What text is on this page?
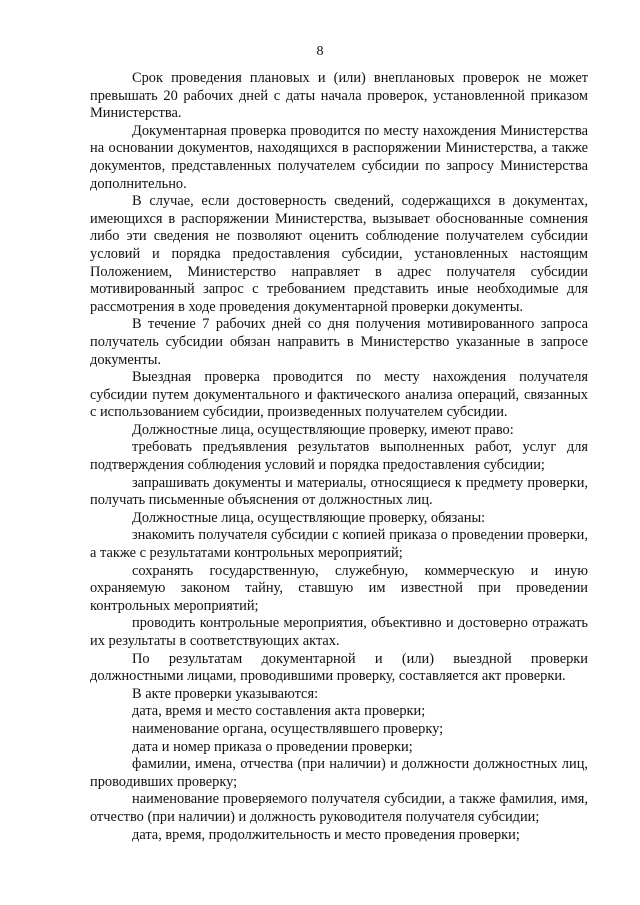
8

Срок проведения плановых и (или) внеплановых проверок не может превышать 20 рабочих дней с даты начала проверок, установленной приказом Министерства.

Документарная проверка проводится по месту нахождения Министерства на основании документов, находящихся в распоряжении Министерства, а также документов, представленных получателем субсидии по запросу Министерства дополнительно.

В случае, если достоверность сведений, содержащихся в документах, имеющихся в распоряжении Министерства, вызывает обоснованные сомнения либо эти сведения не позволяют оценить соблюдение получателем субсидии условий и порядка предоставления субсидии, установленных настоящим Положением, Министерство направляет в адрес получателя субсидии мотивированный запрос с требованием представить иные необходимые для рассмотрения в ходе проведения документарной проверки документы.

В течение 7 рабочих дней со дня получения мотивированного запроса получатель субсидии обязан направить в Министерство указанные в запросе документы.

Выездная проверка проводится по месту нахождения получателя субсидии путем документального и фактического анализа операций, связанных с использованием субсидии, произведенных получателем субсидии.

Должностные лица, осуществляющие проверку, имеют право:

требовать предъявления результатов выполненных работ, услуг для подтверждения соблюдения условий и порядка предоставления субсидии;

запрашивать документы и материалы, относящиеся к предмету проверки, получать письменные объяснения от должностных лиц.

Должностные лица, осуществляющие проверку, обязаны:

знакомить получателя субсидии с копией приказа о проведении проверки, а также с результатами контрольных мероприятий;

сохранять государственную, служебную, коммерческую и иную охраняемую законом тайну, ставшую им известной при проведении контрольных мероприятий;

проводить контрольные мероприятия, объективно и достоверно отражать их результаты в соответствующих актах.

По результатам документарной и (или) выездной проверки должностными лицами, проводившими проверку, составляется акт проверки.

В акте проверки указываются:

дата, время и место составления акта проверки;

наименование органа, осуществлявшего проверку;

дата и номер приказа о проведении проверки;

фамилии, имена, отчества (при наличии) и должности должностных лиц, проводивших проверку;

наименование проверяемого получателя субсидии, а также фамилия, имя, отчество (при наличии) и должность руководителя получателя субсидии;

дата, время, продолжительность и место проведения проверки;
